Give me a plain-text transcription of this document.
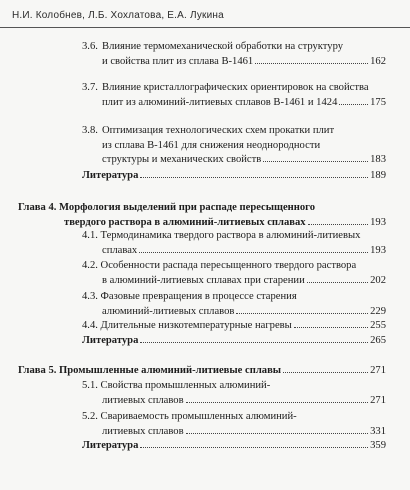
Н.И. Колобнев, Л.Б. Хохлатова, Е.А. Лукина
3.6. Влияние термомеханической обработки на структуру
и свойства плит из сплава В-1461	162
3.7. Влияние кристаллографических ориентировок на свойства
плит из алюминий-литиевых сплавов В-1461 и 1424	175
3.8. Оптимизация технологических схем прокатки плит
из сплава В-1461 для снижения неоднородности
структуры и механических свойств	183
Литература	189
Глава 4. Морфология выделений при распаде пересыщенного
твердого раствора в алюминий-литиевых сплавах	193
4.1. Термодинамика твердого раствора в алюминий-литиевых
сплавах	193
4.2. Особенности распада пересыщенного твердого раствора
в алюминий-литиевых сплавах при старении	202
4.3. Фазовые превращения в процессе старения
алюминий-литиевых сплавов	229
4.4. Длительные низкотемпературные нагревы	255
Литература	265
Глава 5. Промышленные алюминий-литиевые сплавы	271
5.1. Свойства промышленных алюминий-
литиевых сплавов	271
5.2. Свариваемость промышленных алюминий-
литиевых сплавов	331
Литература	359
